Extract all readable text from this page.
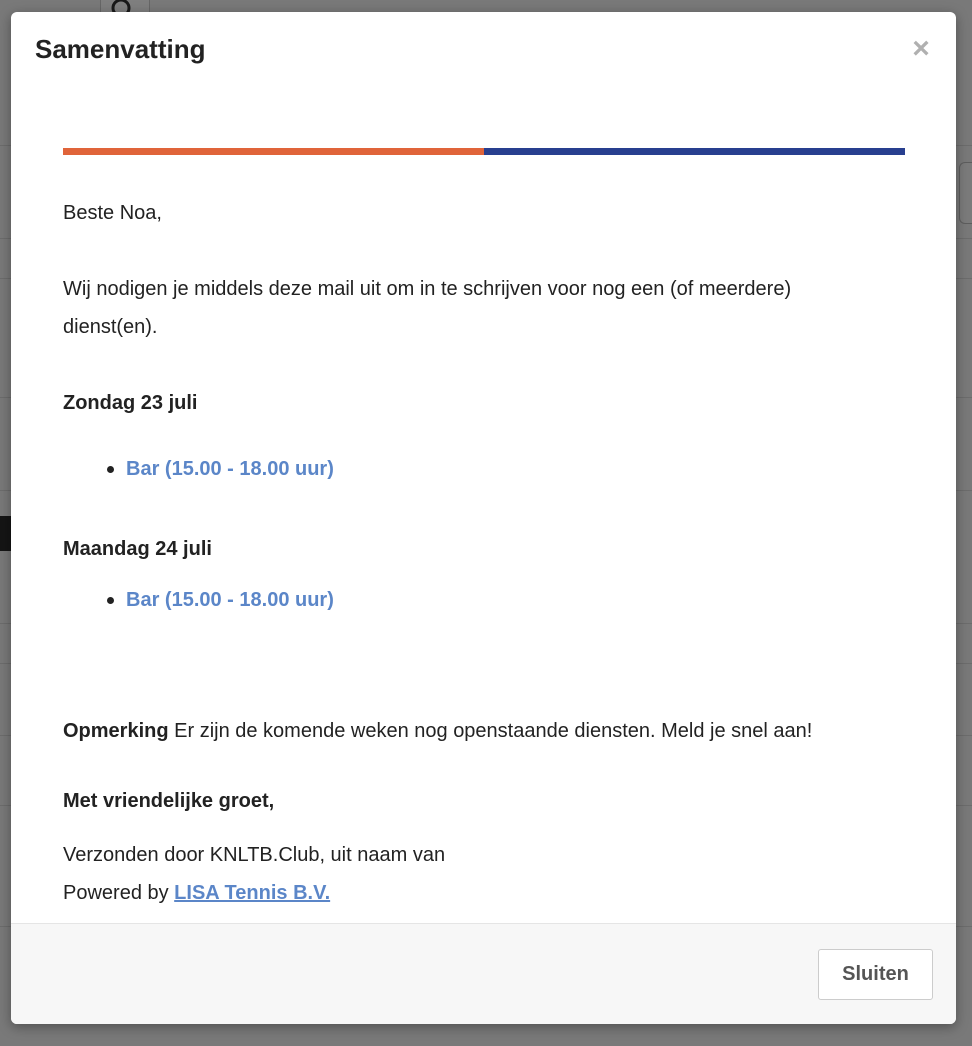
Samenvatting	×

Beste Noa,

Wij nodigen je middels deze mail uit om in te schrijven voor nog een (of meerdere) dienst(en).

Zondag 23 juli

Bar (15.00 - 18.00 uur)

Maandag 24 juli

Bar (15.00 - 18.00 uur)

Opmerking Er zijn de komende weken nog openstaande diensten. Meld je snel aan!

Met vriendelijke groet,

Verzonden door KNLTB.Club, uit naam van

Powered by LISA Tennis B.V.

Sluiten
